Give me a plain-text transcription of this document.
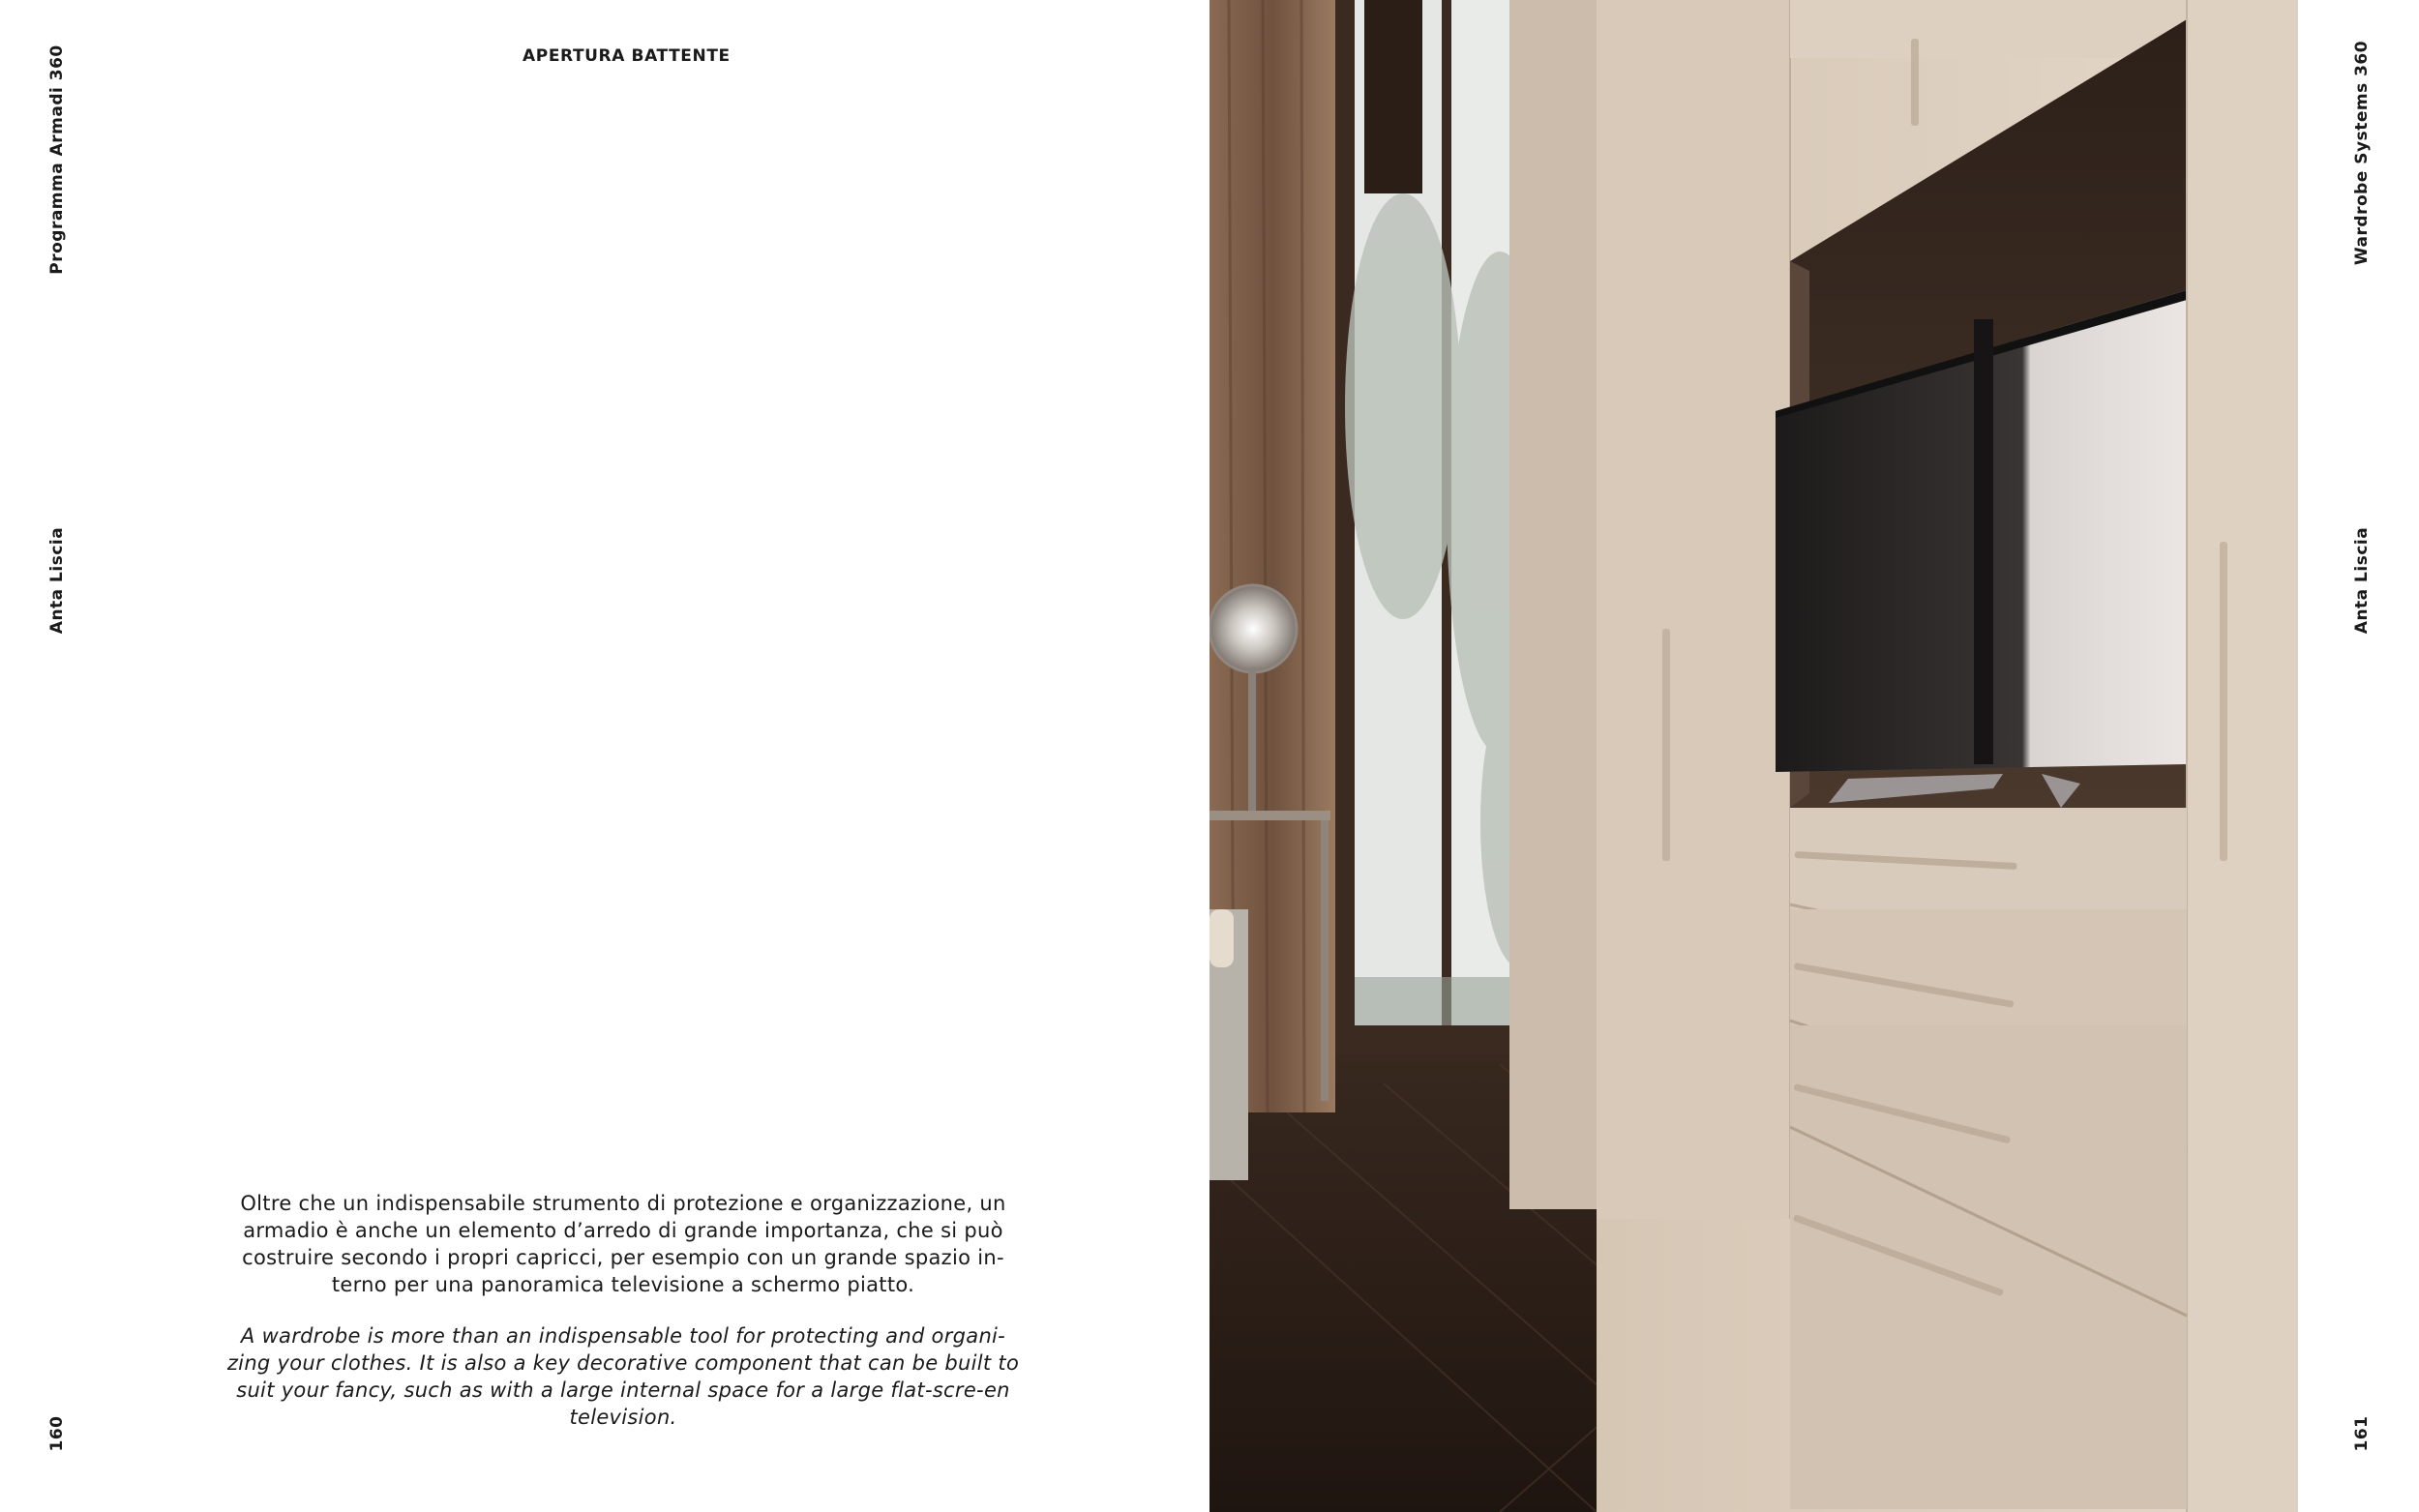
Programma Armadi 360
Anta Liscia
160
APERTURA BATTENTE

Oltre che un indispensabile strumento di protezione e organizzazione, un armadio è anche un elemento d’arredo di grande importanza, che si può costruire secondo i propri capricci, per esempio con un grande spazio in-terno per una panoramica televisione a schermo piatto.

A wardrobe is more than an indispensable tool for protecting and organi-zing your clothes. It is also a key decorative component that can be built to suit your fancy, such as with a large internal space for a large flat-scre-en television.

Wardrobe Systems 360
Anta Liscia
161
